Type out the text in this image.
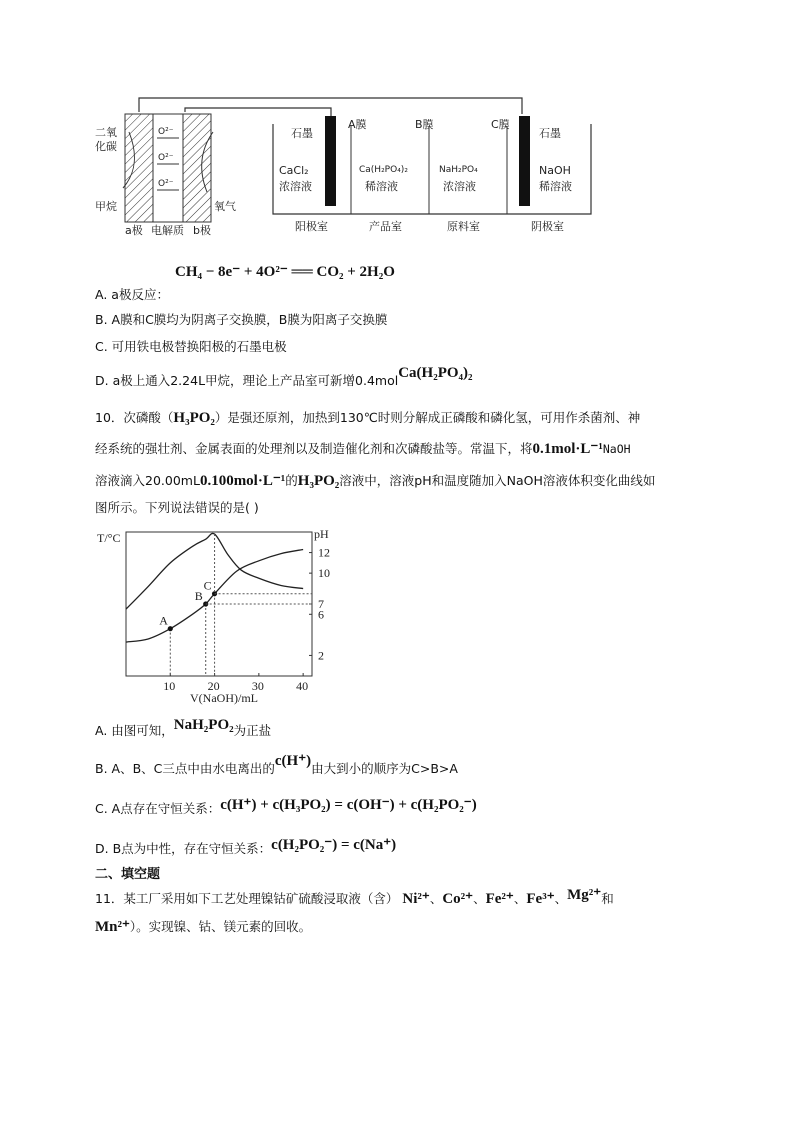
O²⁻
O²⁻
O²⁻
二氧
化碳
甲烷	氧气
a极 电解质 b极
石墨	石墨
A膜	B膜	C膜
CaCl₂
浓溶液
阳极室
Ca(H₂PO₄)₂
稀溶液
产品室
NaH₂PO₄
浓溶液
原料室
NaOH
稀溶液
阴极室
CH₄ − 8e⁻ + 4O²⁻ ══ CO₂ + 2H₂O
A. a极反应：
B. A膜和C膜均为阴离子交换膜，B膜为阳离子交换膜
C. 可用铁电极替换阳极的石墨电极
D. a极上通入2.24L甲烷，理论上产品室可新增0.4molCa(H₂PO₄)₂
10．次磷酸（H₃PO₂）是强还原剂，加热到130℃时则分解成正磷酸和磷化氢，可用作杀菌剂、神
经系统的强壮剂、金属表面的处理剂以及制造催化剂和次磷酸盐等。常温下，将0.1mol·L⁻¹NaOH
溶液滴入20.00mL0.100mol·L⁻¹的H₃PO₂溶液中，溶液pH和温度随加入NaOH溶液体积变化曲线如
图所示。下列说法错误的是( )
T/°C	pH
V(NaOH)/mL
10	20	30	40
2
6
7
10
12
A
B
C
A. 由图可知，NaH₂PO₂为正盐
B. A、B、C三点中由水电离出的c(H⁺)由大到小的顺序为C>B>A
C. A点存在守恒关系：c(H⁺) + c(H₃PO₂) = c(OH⁻) + c(H₂PO₂⁻)
D. B点为中性，存在守恒关系：c(H₂PO₂⁻) = c(Na⁺)
二、填空题
11．某工厂采用如下工艺处理镍钴矿硫酸浸取液（含） Ni²⁺、Co²⁺、Fe²⁺、Fe³⁺、Mg²⁺和
Mn²⁺）。实现镍、钴、镁元素的回收。
